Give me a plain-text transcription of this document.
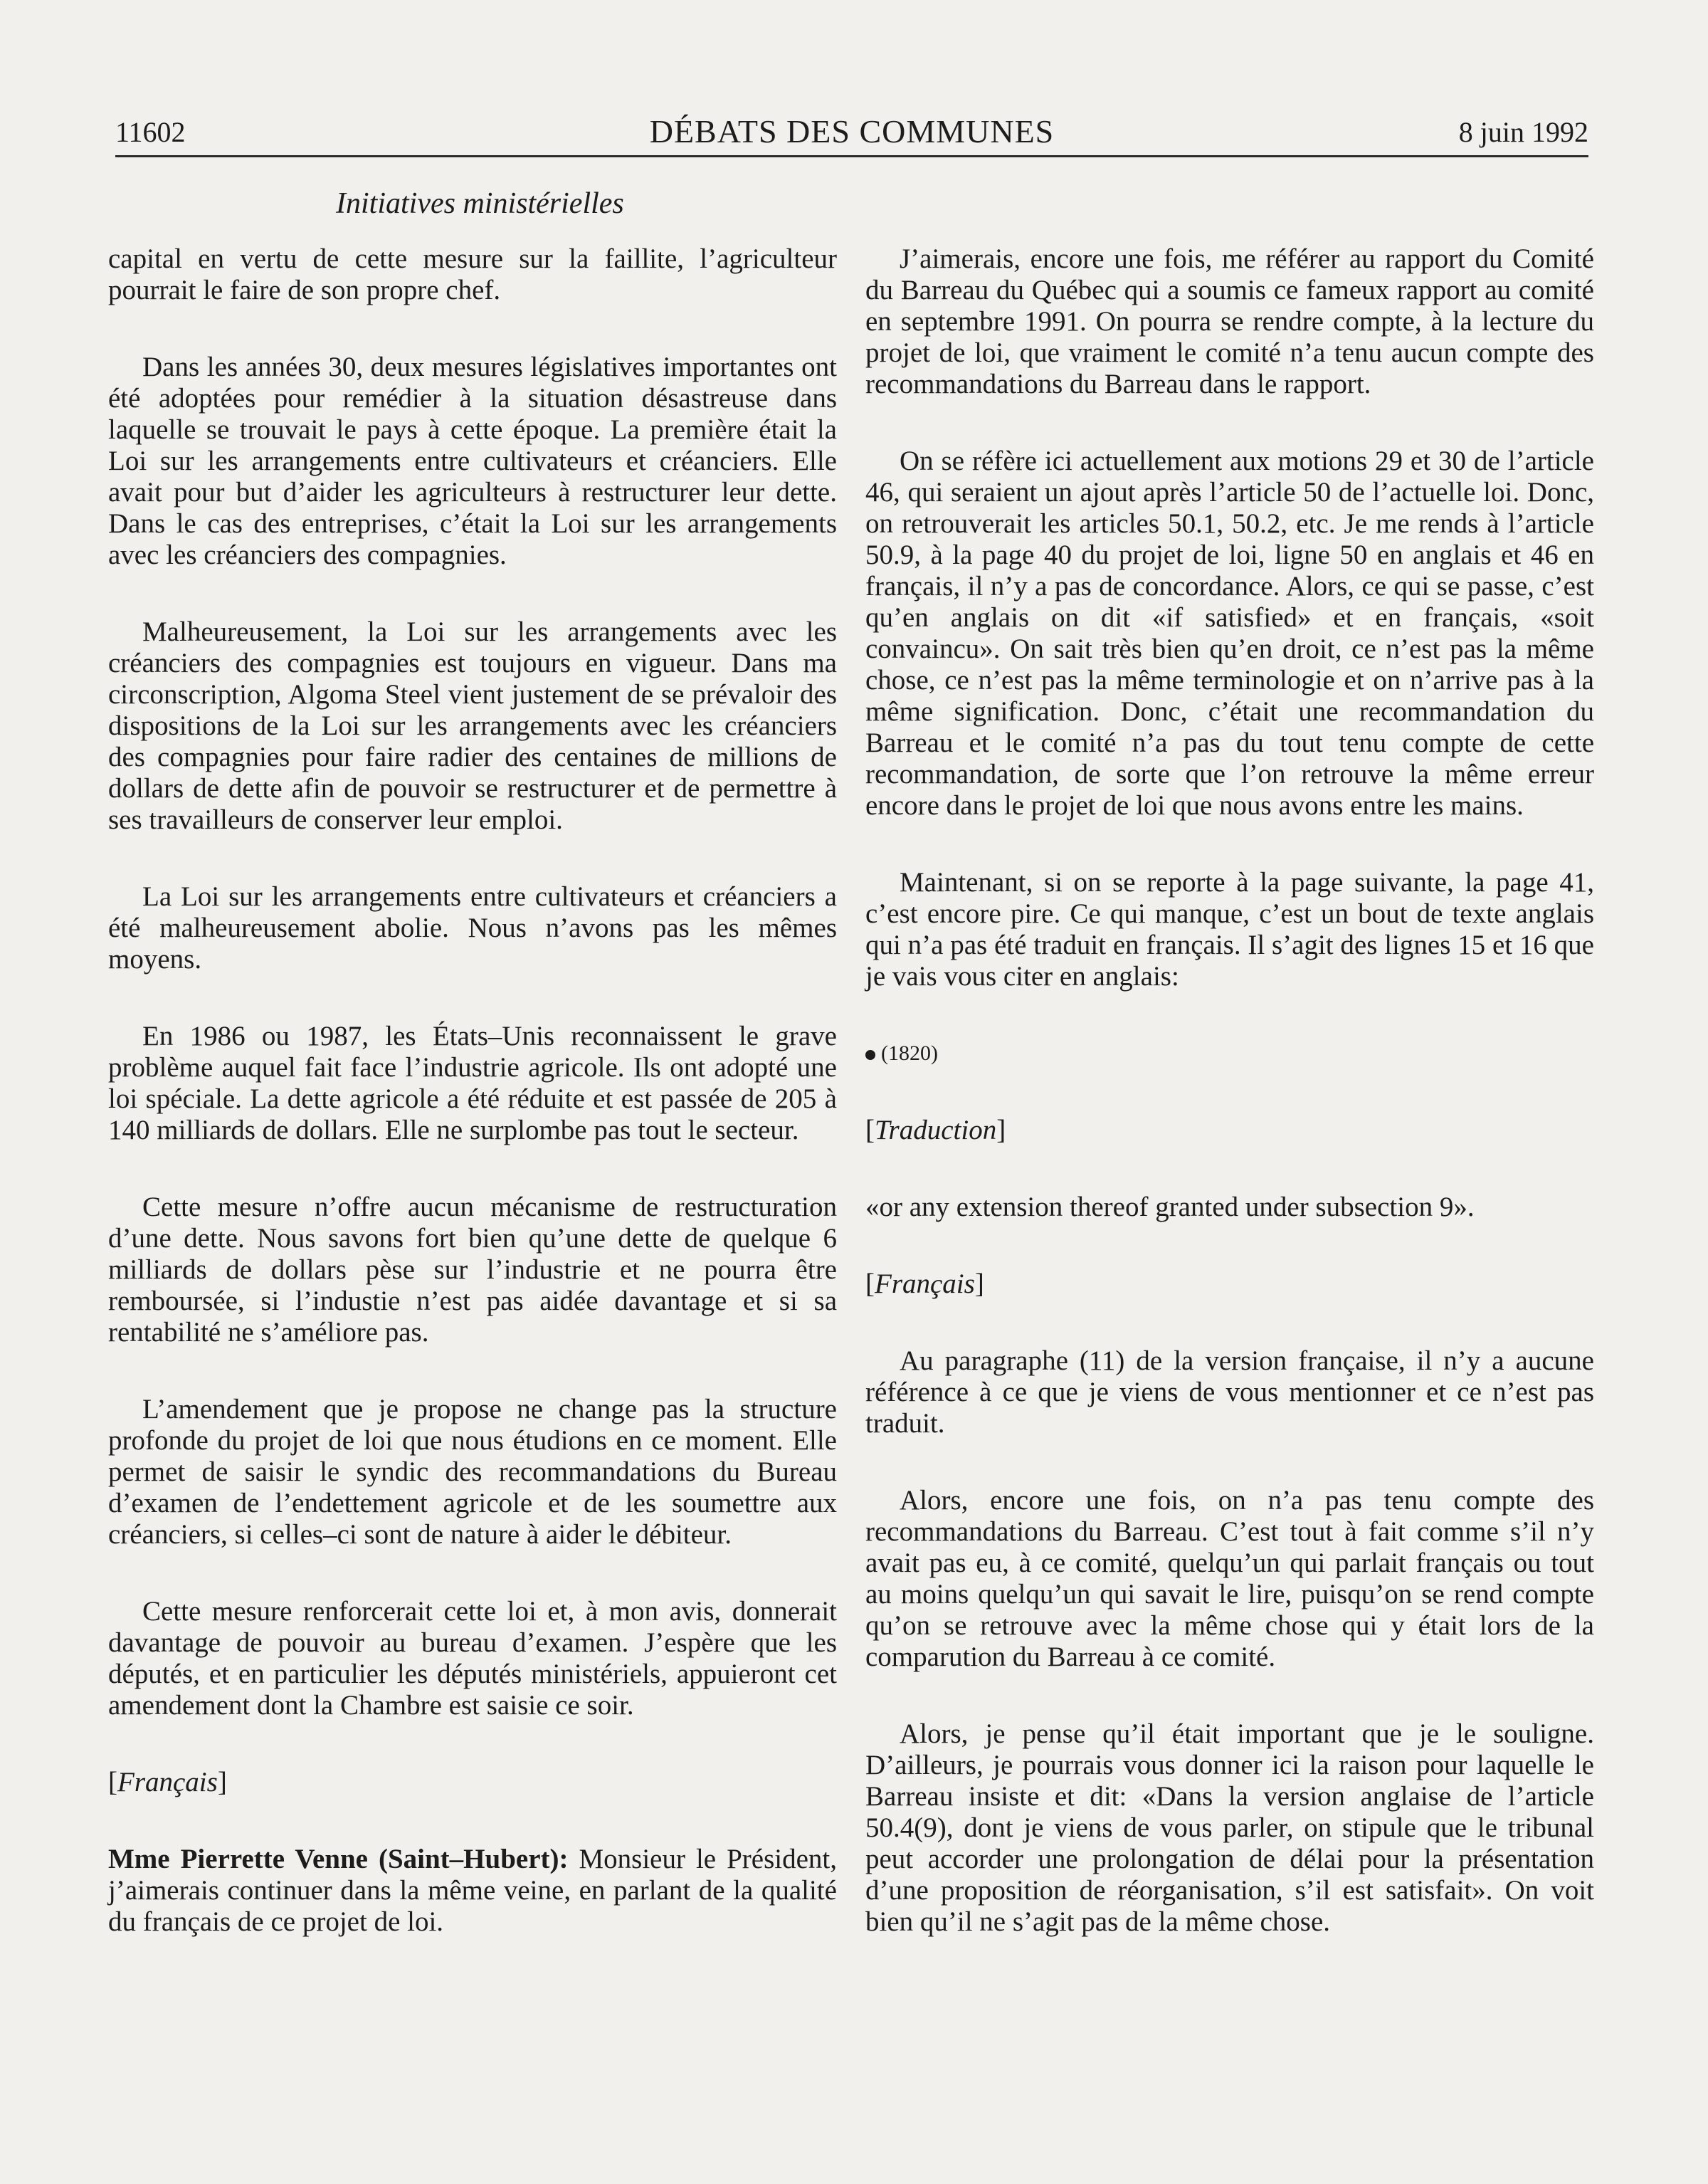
11602	DÉBATS DES COMMUNES	8 juin 1992
Initiatives ministérielles

capital en vertu de cette mesure sur la faillite, l’agriculteur pourrait le faire de son propre chef.

Dans les années 30, deux mesures législatives importantes ont été adoptées pour remédier à la situation désastreuse dans laquelle se trouvait le pays à cette époque. La première était la Loi sur les arrangements entre cultivateurs et créanciers. Elle avait pour but d’aider les agriculteurs à restructurer leur dette. Dans le cas des entreprises, c’était la Loi sur les arrangements avec les créanciers des compagnies.

Malheureusement, la Loi sur les arrangements avec les créanciers des compagnies est toujours en vigueur. Dans ma circonscription, Algoma Steel vient justement de se prévaloir des dispositions de la Loi sur les arrangements avec les créanciers des compagnies pour faire radier des centaines de millions de dollars de dette afin de pouvoir se restructurer et de permettre à ses travailleurs de conserver leur emploi.

La Loi sur les arrangements entre cultivateurs et créanciers a été malheureusement abolie. Nous n’avons pas les mêmes moyens.

En 1986 ou 1987, les États–Unis reconnaissent le grave problème auquel fait face l’industrie agricole. Ils ont adopté une loi spéciale. La dette agricole a été réduite et est passée de 205 à 140 milliards de dollars. Elle ne surplombe pas tout le secteur.

Cette mesure n’offre aucun mécanisme de restructuration d’une dette. Nous savons fort bien qu’une dette de quelque 6 milliards de dollars pèse sur l’industrie et ne pourra être remboursée, si l’industie n’est pas aidée davantage et si sa rentabilité ne s’améliore pas.

L’amendement que je propose ne change pas la structure profonde du projet de loi que nous étudions en ce moment. Elle permet de saisir le syndic des recommandations du Bureau d’examen de l’endettement agricole et de les soumettre aux créanciers, si celles–ci sont de nature à aider le débiteur.

Cette mesure renforcerait cette loi et, à mon avis, donnerait davantage de pouvoir au bureau d’examen. J’espère que les députés, et en particulier les députés ministériels, appuieront cet amendement dont la Chambre est saisie ce soir.

[Français]

Mme Pierrette Venne (Saint–Hubert): Monsieur le Président, j’aimerais continuer dans la même veine, en parlant de la qualité du français de ce projet de loi.

J’aimerais, encore une fois, me référer au rapport du Comité du Barreau du Québec qui a soumis ce fameux rapport au comité en septembre 1991. On pourra se rendre compte, à la lecture du projet de loi, que vraiment le comité n’a tenu aucun compte des recommandations du Barreau dans le rapport.

On se réfère ici actuellement aux motions 29 et 30 de l’article 46, qui seraient un ajout après l’article 50 de l’actuelle loi. Donc, on retrouverait les articles 50.1, 50.2, etc. Je me rends à l’article 50.9, à la page 40 du projet de loi, ligne 50 en anglais et 46 en français, il n’y a pas de concordance. Alors, ce qui se passe, c’est qu’en anglais on dit «if satisfied» et en français, «soit convaincu». On sait très bien qu’en droit, ce n’est pas la même chose, ce n’est pas la même terminologie et on n’arrive pas à la même signification. Donc, c’était une recommandation du Barreau et le comité n’a pas du tout tenu compte de cette recommandation, de sorte que l’on retrouve la même erreur encore dans le projet de loi que nous avons entre les mains.

Maintenant, si on se reporte à la page suivante, la page 41, c’est encore pire. Ce qui manque, c’est un bout de texte anglais qui n’a pas été traduit en français. Il s’agit des lignes 15 et 16 que je vais vous citer en anglais:

(1820)

[Traduction]

«or any extension thereof granted under subsection 9».

[Français]

Au paragraphe (11) de la version française, il n’y a aucune référence à ce que je viens de vous mentionner et ce n’est pas traduit.

Alors, encore une fois, on n’a pas tenu compte des recommandations du Barreau. C’est tout à fait comme s’il n’y avait pas eu, à ce comité, quelqu’un qui parlait français ou tout au moins quelqu’un qui savait le lire, puisqu’on se rend compte qu’on se retrouve avec la même chose qui y était lors de la comparution du Barreau à ce comité.

Alors, je pense qu’il était important que je le souligne. D’ailleurs, je pourrais vous donner ici la raison pour laquelle le Barreau insiste et dit: «Dans la version anglaise de l’article 50.4(9), dont je viens de vous parler, on stipule que le tribunal peut accorder une prolongation de délai pour la présentation d’une proposition de réorganisation, s’il est satisfait». On voit bien qu’il ne s’agit pas de la même chose.
